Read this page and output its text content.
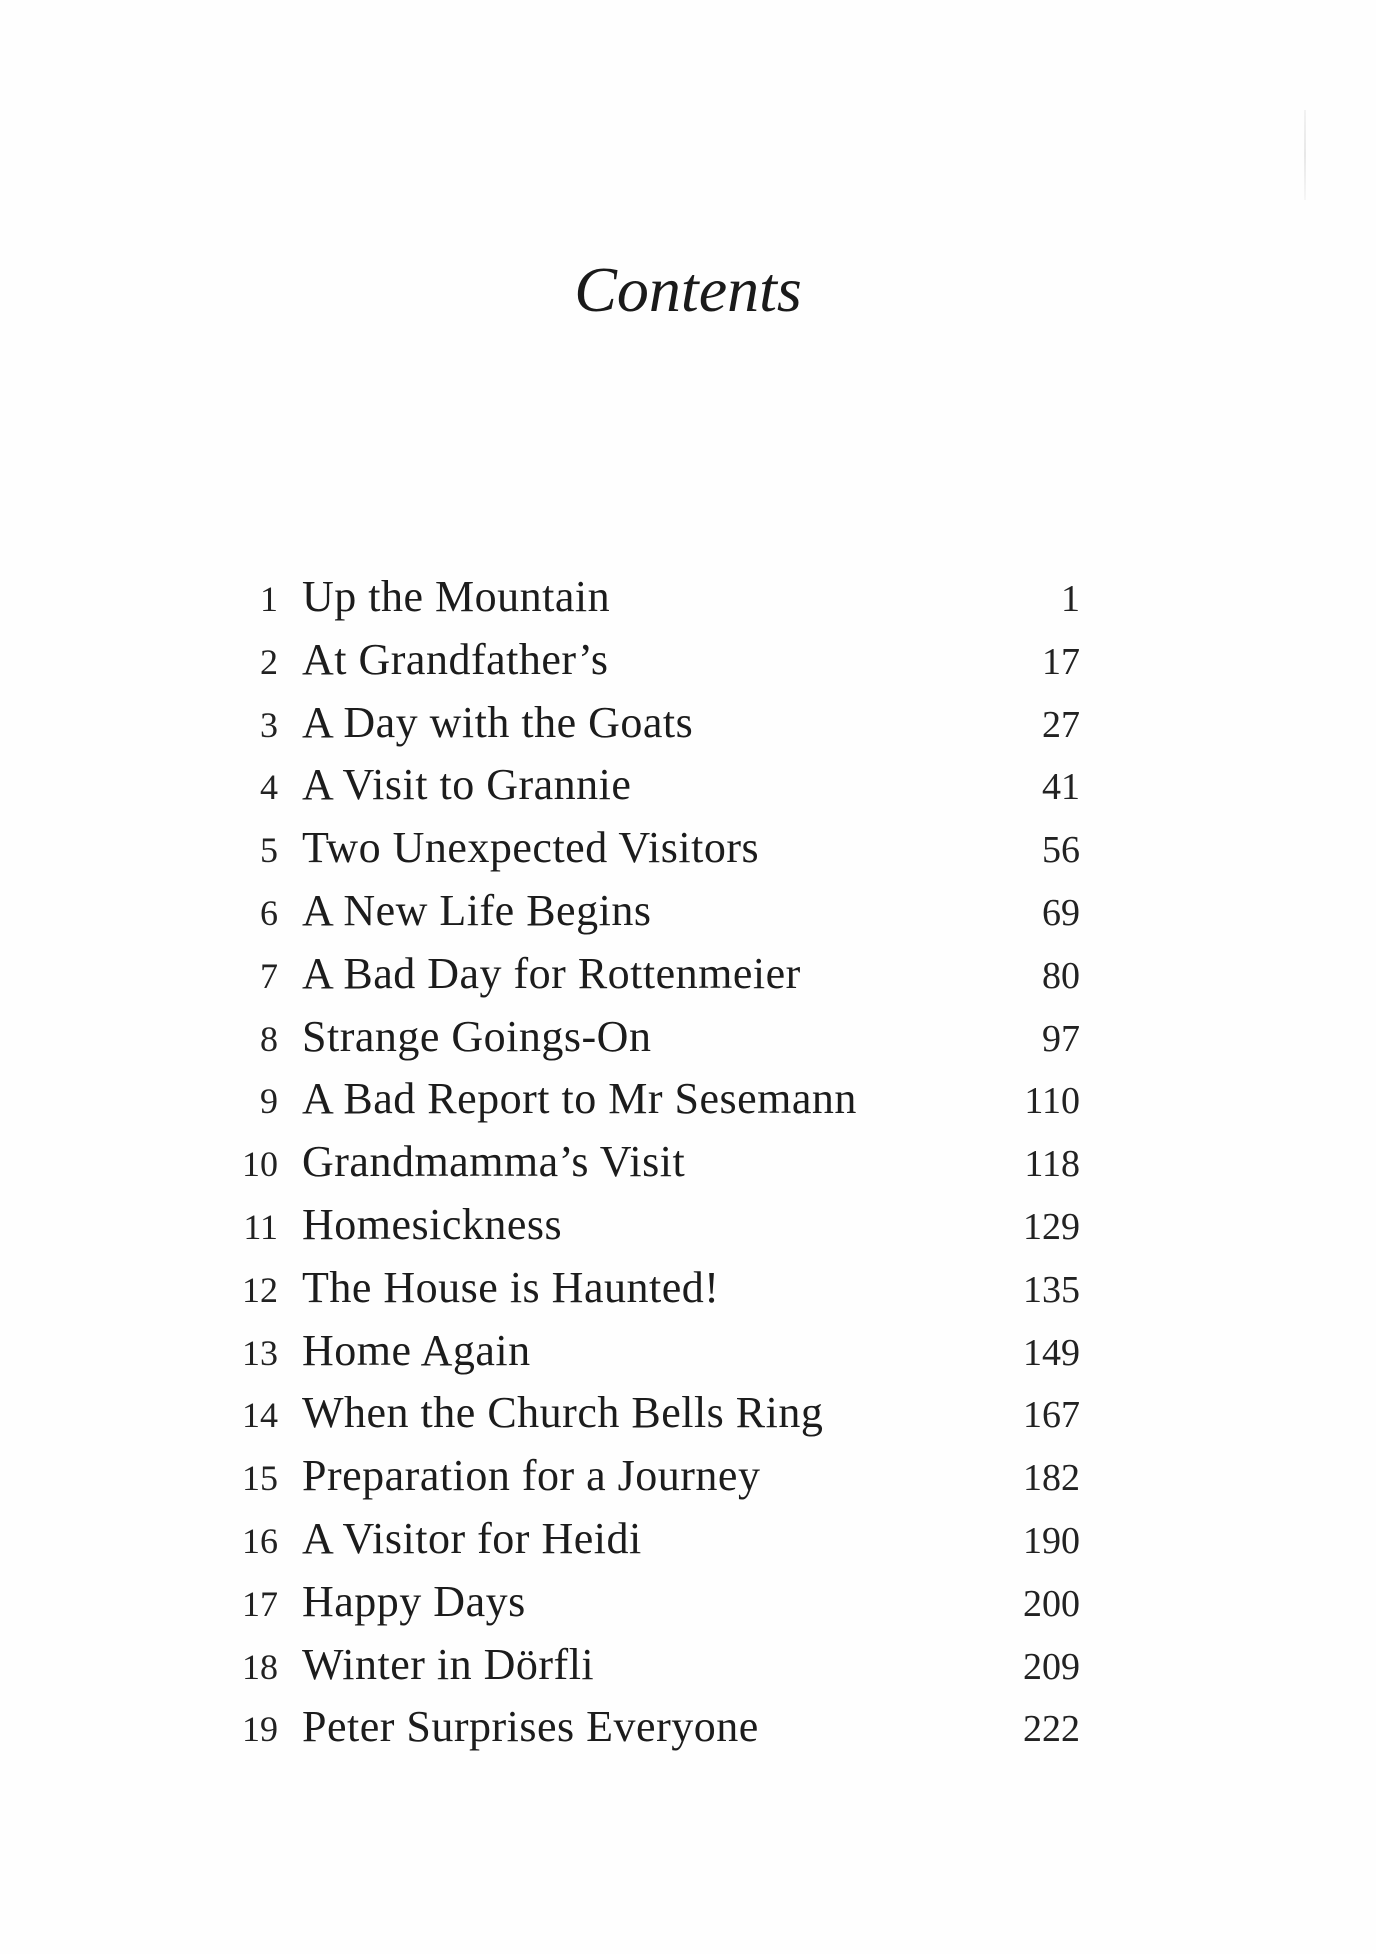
Contents
1 Up the Mountain	1
2 At Grandfather’s	17
3 A Day with the Goats	27
4 A Visit to Grannie	41
5 Two Unexpected Visitors	56
6 A New Life Begins	69
7 A Bad Day for Rottenmeier	80
8 Strange Goings-On	97
9 A Bad Report to Mr Sesemann	110
10 Grandmamma’s Visit	118
11 Homesickness	129
12 The House is Haunted!	135
13 Home Again	149
14 When the Church Bells Ring	167
15 Preparation for a Journey	182
16 A Visitor for Heidi	190
17 Happy Days	200
18 Winter in Dörfli	209
19 Peter Surprises Everyone	222
